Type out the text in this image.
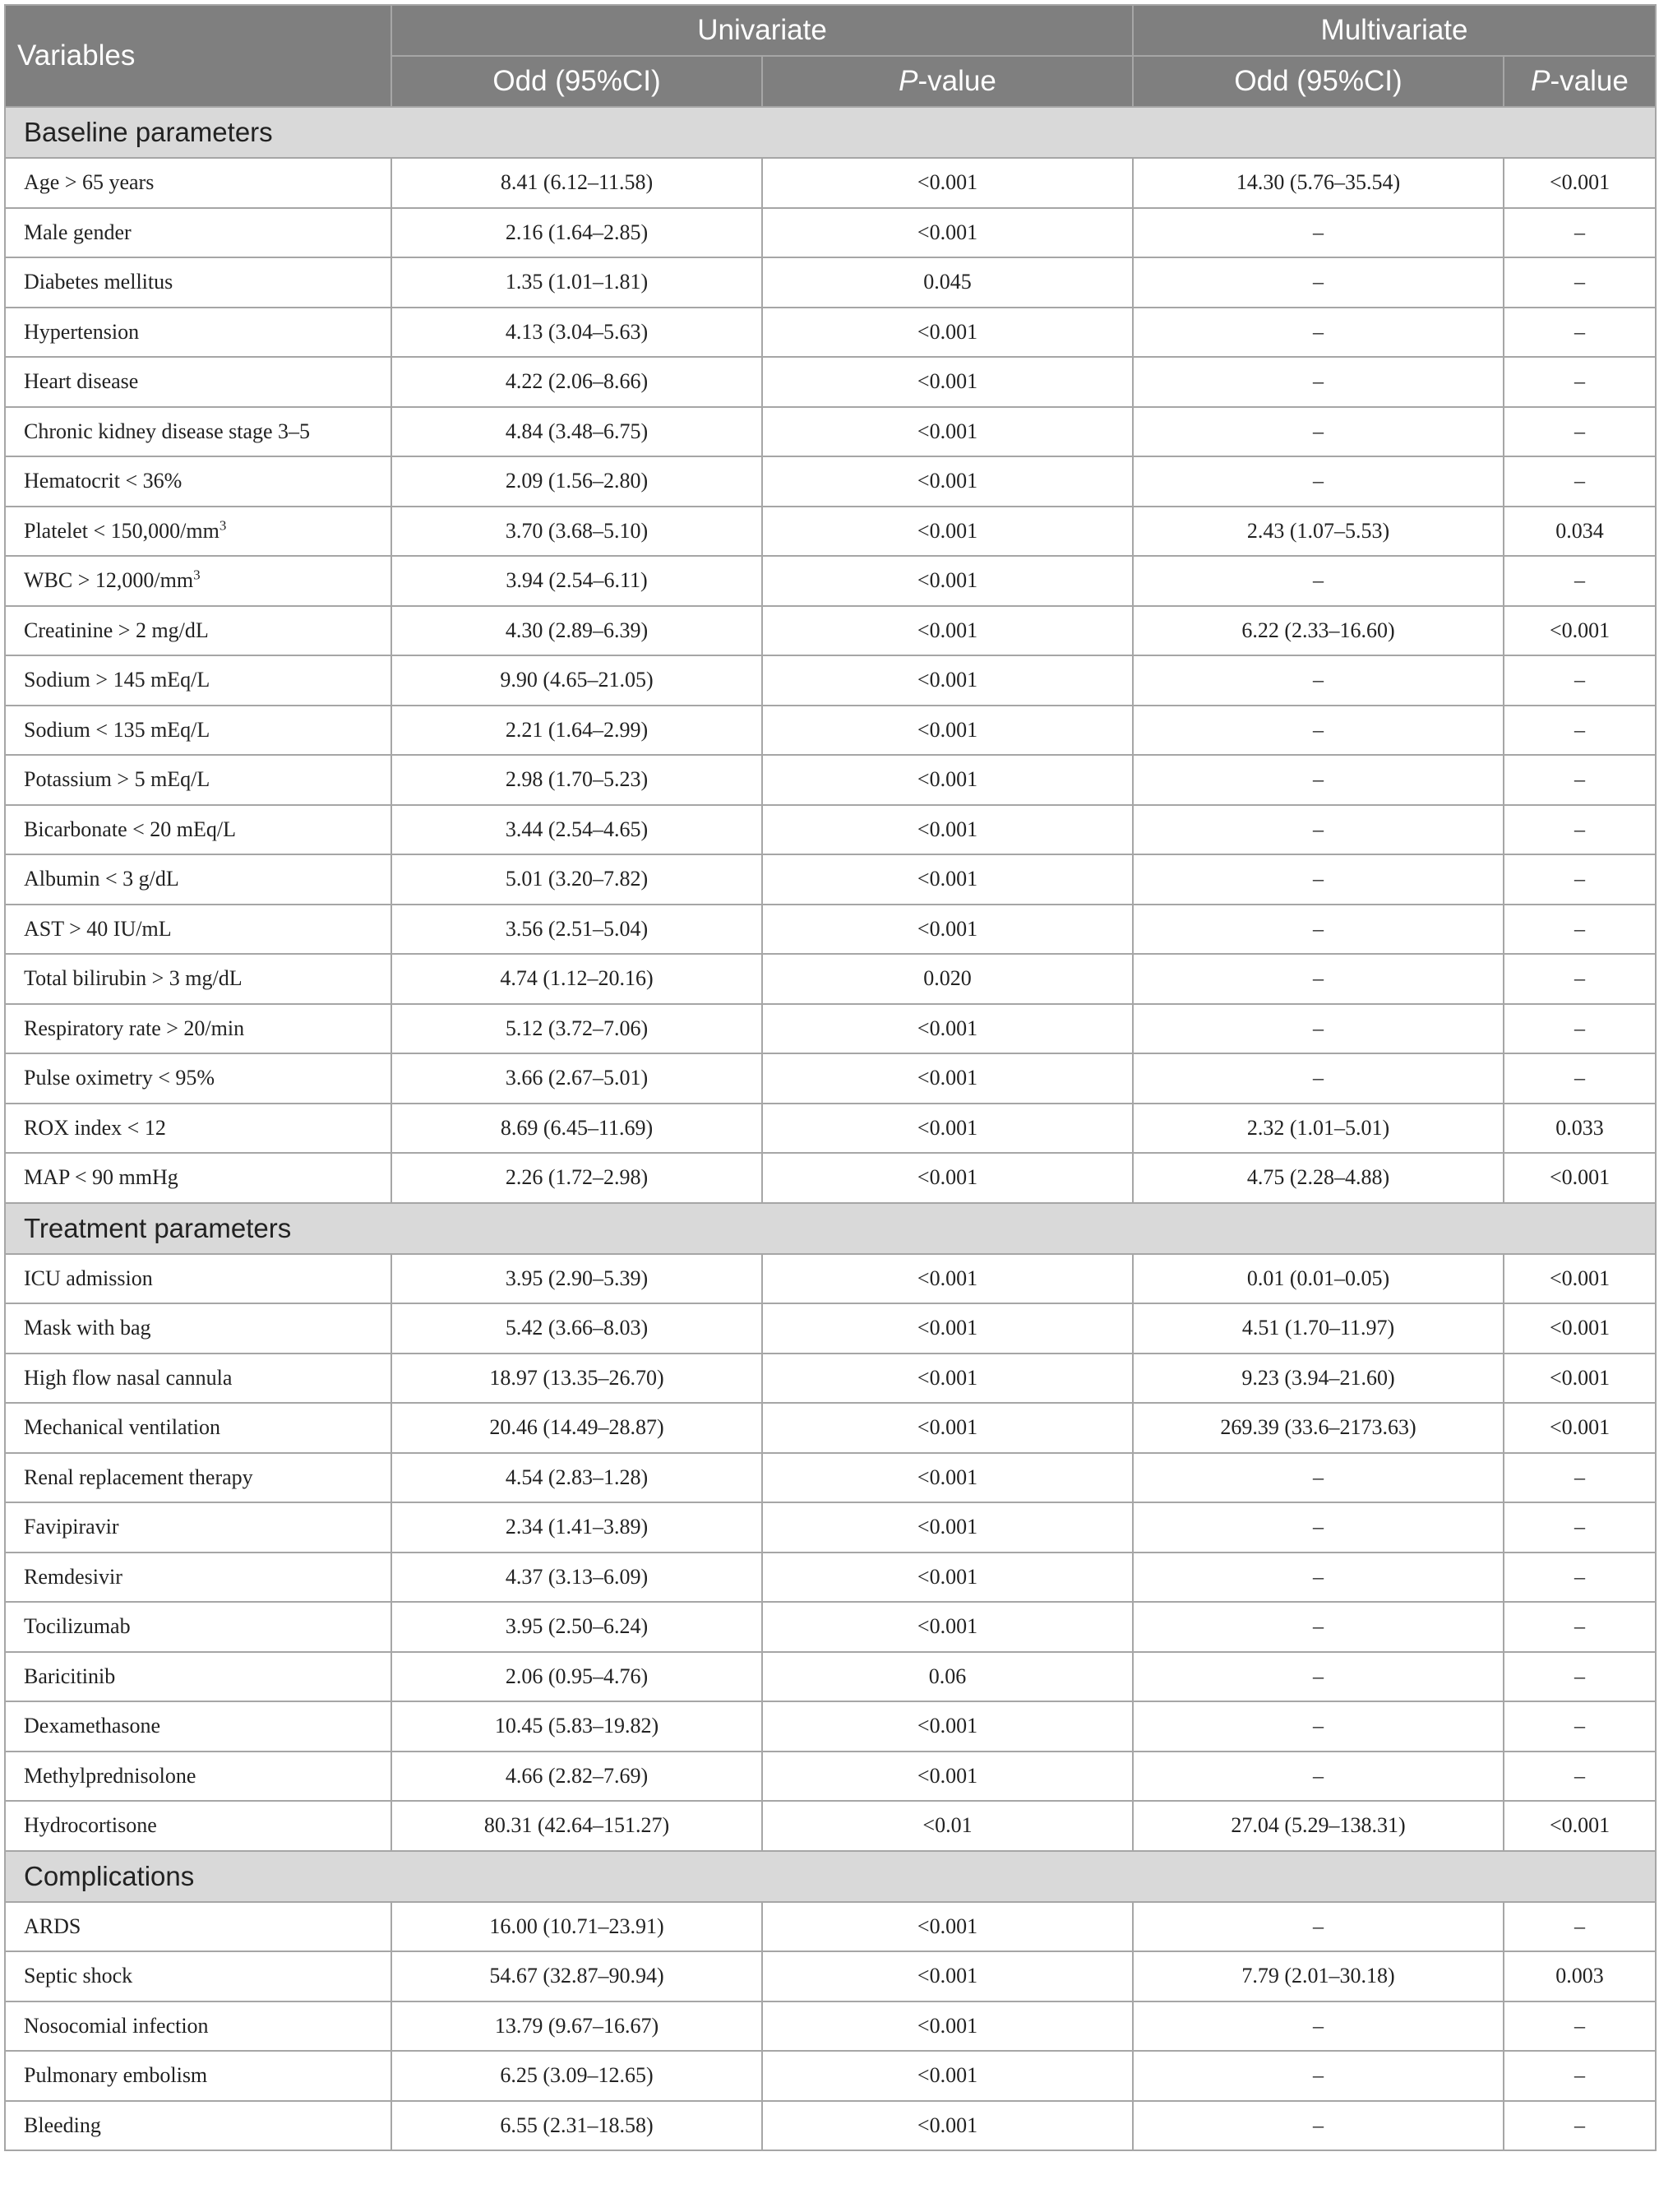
Variables	Univariate		Multivariate	
	Odd (95%CI)	P-value	Odd (95%CI)	P-value
Baseline parameters				
Age > 65 years	8.41 (6.12–11.58)	<0.001	14.30 (5.76–35.54)	<0.001
Male gender	2.16 (1.64–2.85)	<0.001	–	–
Diabetes mellitus	1.35 (1.01–1.81)	0.045	–	–
Hypertension	4.13 (3.04–5.63)	<0.001	–	–
Heart disease	4.22 (2.06–8.66)	<0.001	–	–
Chronic kidney disease stage 3–5	4.84 (3.48–6.75)	<0.001	–	–
Hematocrit < 36%	2.09 (1.56–2.80)	<0.001	–	–
Platelet < $150,000/mm^3$	3.70 (3.68–5.10)	<0.001	2.43 (1.07–5.53)	0.034
WBC > $12,000/mm^3$	3.94 (2.54–6.11)	<0.001	–	–
Creatinine > 2 mg/dL	4.30 (2.89–6.39)	<0.001	6.22 (2.33–16.60)	<0.001
Sodium > 145 mEq/L	9.90 (4.65–21.05)	<0.001	–	–
Sodium < 135 mEq/L	2.21 (1.64–2.99)	<0.001	–	–
Potassium > 5 mEq/L	2.98 (1.70–5.23)	<0.001	–	–
Bicarbonate < 20 mEq/L	3.44 (2.54–4.65)	<0.001	–	–
Albumin < 3 g/dL	5.01 (3.20–7.82)	<0.001	–	–
AST > 40 IU/mL	3.56 (2.51–5.04)	<0.001	–	–
Total bilirubin > 3 mg/dL	4.74 (1.12–20.16)	0.020	–	–
Respiratory rate > 20/min	5.12 (3.72–7.06)	<0.001	–	–
Pulse oximetry < 95%	3.66 (2.67–5.01)	<0.001	–	–
ROX index < 12	8.69 (6.45–11.69)	<0.001	2.32 (1.01–5.01)	0.033
MAP < 90 mmHg	2.26 (1.72–2.98)	<0.001	4.75 (2.28–4.88)	<0.001
Treatment parameters				
ICU admission	3.95 (2.90–5.39)	<0.001	0.01 (0.01–0.05)	<0.001
Mask with bag	5.42 (3.66–8.03)	<0.001	4.51 (1.70–11.97)	<0.001
High flow nasal cannula	18.97 (13.35–26.70)	<0.001	9.23 (3.94–21.60)	<0.001
Mechanical ventilation	20.46 (14.49–28.87)	<0.001	269.39 (33.6–2173.63)	<0.001
Renal replacement therapy	4.54 (2.83–1.28)	<0.001	–	–
Favipiravir	2.34 (1.41–3.89)	<0.001	–	–
Remdesivir	4.37 (3.13–6.09)	<0.001	–	–
Tocilizumab	3.95 (2.50–6.24)	<0.001	–	–
Baricitinib	2.06 (0.95–4.76)	0.06	–	–
Dexamethasone	10.45 (5.83–19.82)	<0.001	–	–
Methylprednisolone	4.66 (2.82–7.69)	<0.001	–	–
Hydrocortisone	80.31 (42.64–151.27)	<0.01	27.04 (5.29–138.31)	<0.001
Complications				
ARDS	16.00 (10.71–23.91)	<0.001	–	–
Septic shock	54.67 (32.87–90.94)	<0.001	7.79 (2.01–30.18)	0.003
Nosocomial infection	13.79 (9.67–16.67)	<0.001	–	–
Pulmonary embolism	6.25 (3.09–12.65)	<0.001	–	–
Bleeding	6.55 (2.31–18.58)	<0.001	–	–
